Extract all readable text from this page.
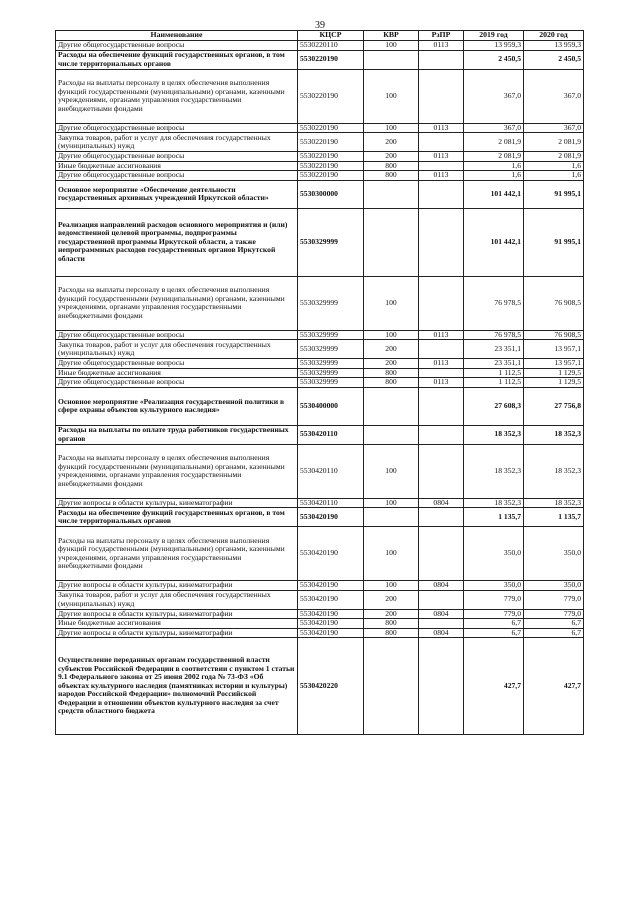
39
Наименование	КЦСР	КВР	РзПР	2019 год	2020 год
Другие общегосударственные вопросы	5530220110	100	0113	13 959,3	13 959,3
Расходы на обеспечение функций государственных органов, в том числе территориальных органов	5530220190			2 450,5	2 450,5
Расходы на выплаты персоналу в целях обеспечения выполнения функций государственными (муниципальными) органами, казенными учреждениями, органами управления государственными внебюджетными фондами	5530220190	100		367,0	367,0
Другие общегосударственные вопросы	5530220190	100	0113	367,0	367,0
Закупка товаров, работ и услуг для обеспечения государственных (муниципальных) нужд	5530220190	200		2 081,9	2 081,9
Другие общегосударственные вопросы	5530220190	200	0113	2 081,9	2 081,9
Иные бюджетные ассигнования	5530220190	800		1,6	1,6
Другие общегосударственные вопросы	5530220190	800	0113	1,6	1,6
Основное мероприятие «Обеспечение деятельности государственных архивных учреждений Иркутской области»	5530300000			101 442,1	91 995,1
Реализация направлений расходов основного мероприятия и (или) ведомственной целевой программы, подпрограммы государственной программы Иркутской области, а также непрограммных расходов государственных органов Иркутской области	5530329999			101 442,1	91 995,1
Расходы на выплаты персоналу в целях обеспечения выполнения функций государственными (муниципальными) органами, казенными учреждениями, органами управления государственными внебюджетными фондами	5530329999	100		76 978,5	76 908,5
Другие общегосударственные вопросы	5530329999	100	0113	76 978,5	76 908,5
Закупка товаров, работ и услуг для обеспечения государственных (муниципальных) нужд	5530329999	200		23 351,1	13 957,1
Другие общегосударственные вопросы	5530329999	200	0113	23 351,1	13 957,1
Иные бюджетные ассигнования	5530329999	800		1 112,5	1 129,5
Другие общегосударственные вопросы	5530329999	800	0113	1 112,5	1 129,5
Основное мероприятие «Реализация государственной политики в сфере охраны объектов культурного наследия»	5530400000			27 608,3	27 756,8
Расходы на выплаты по оплате труда работников государственных органов	5530420110			18 352,3	18 352,3
Расходы на выплаты персоналу в целях обеспечения выполнения функций государственными (муниципальными) органами, казенными учреждениями, органами управления государственными внебюджетными фондами	5530420110	100		18 352,3	18 352,3
Другие вопросы в области культуры, кинематографии	5530420110	100	0804	18 352,3	18 352,3
Расходы на обеспечение функций государственных органов, в том числе территориальных органов	5530420190			1 135,7	1 135,7
Расходы на выплаты персоналу в целях обеспечения выполнения функций государственными (муниципальными) органами, казенными учреждениями, органами управления государственными внебюджетными фондами	5530420190	100		350,0	350,0
Другие вопросы в области культуры, кинематографии	5530420190	100	0804	350,0	350,0
Закупка товаров, работ и услуг для обеспечения государственных (муниципальных) нужд	5530420190	200		779,0	779,0
Другие вопросы в области культуры, кинематографии	5530420190	200	0804	779,0	779,0
Иные бюджетные ассигнования	5530420190	800		6,7	6,7
Другие вопросы в области культуры, кинематографии	5530420190	800	0804	6,7	6,7
Осуществление переданных органам государственной власти субъектов Российской Федерации в соответствии с пунктом 1 статьи 9.1 Федерального закона от 25 июня 2002 года № 73-ФЗ «Об объектах культурного наследия (памятниках истории и культуры) народов Российской Федерации» полномочий Российской Федерации в отношении объектов культурного наследия за счет средств областного бюджета	5530420220			427,7	427,7
